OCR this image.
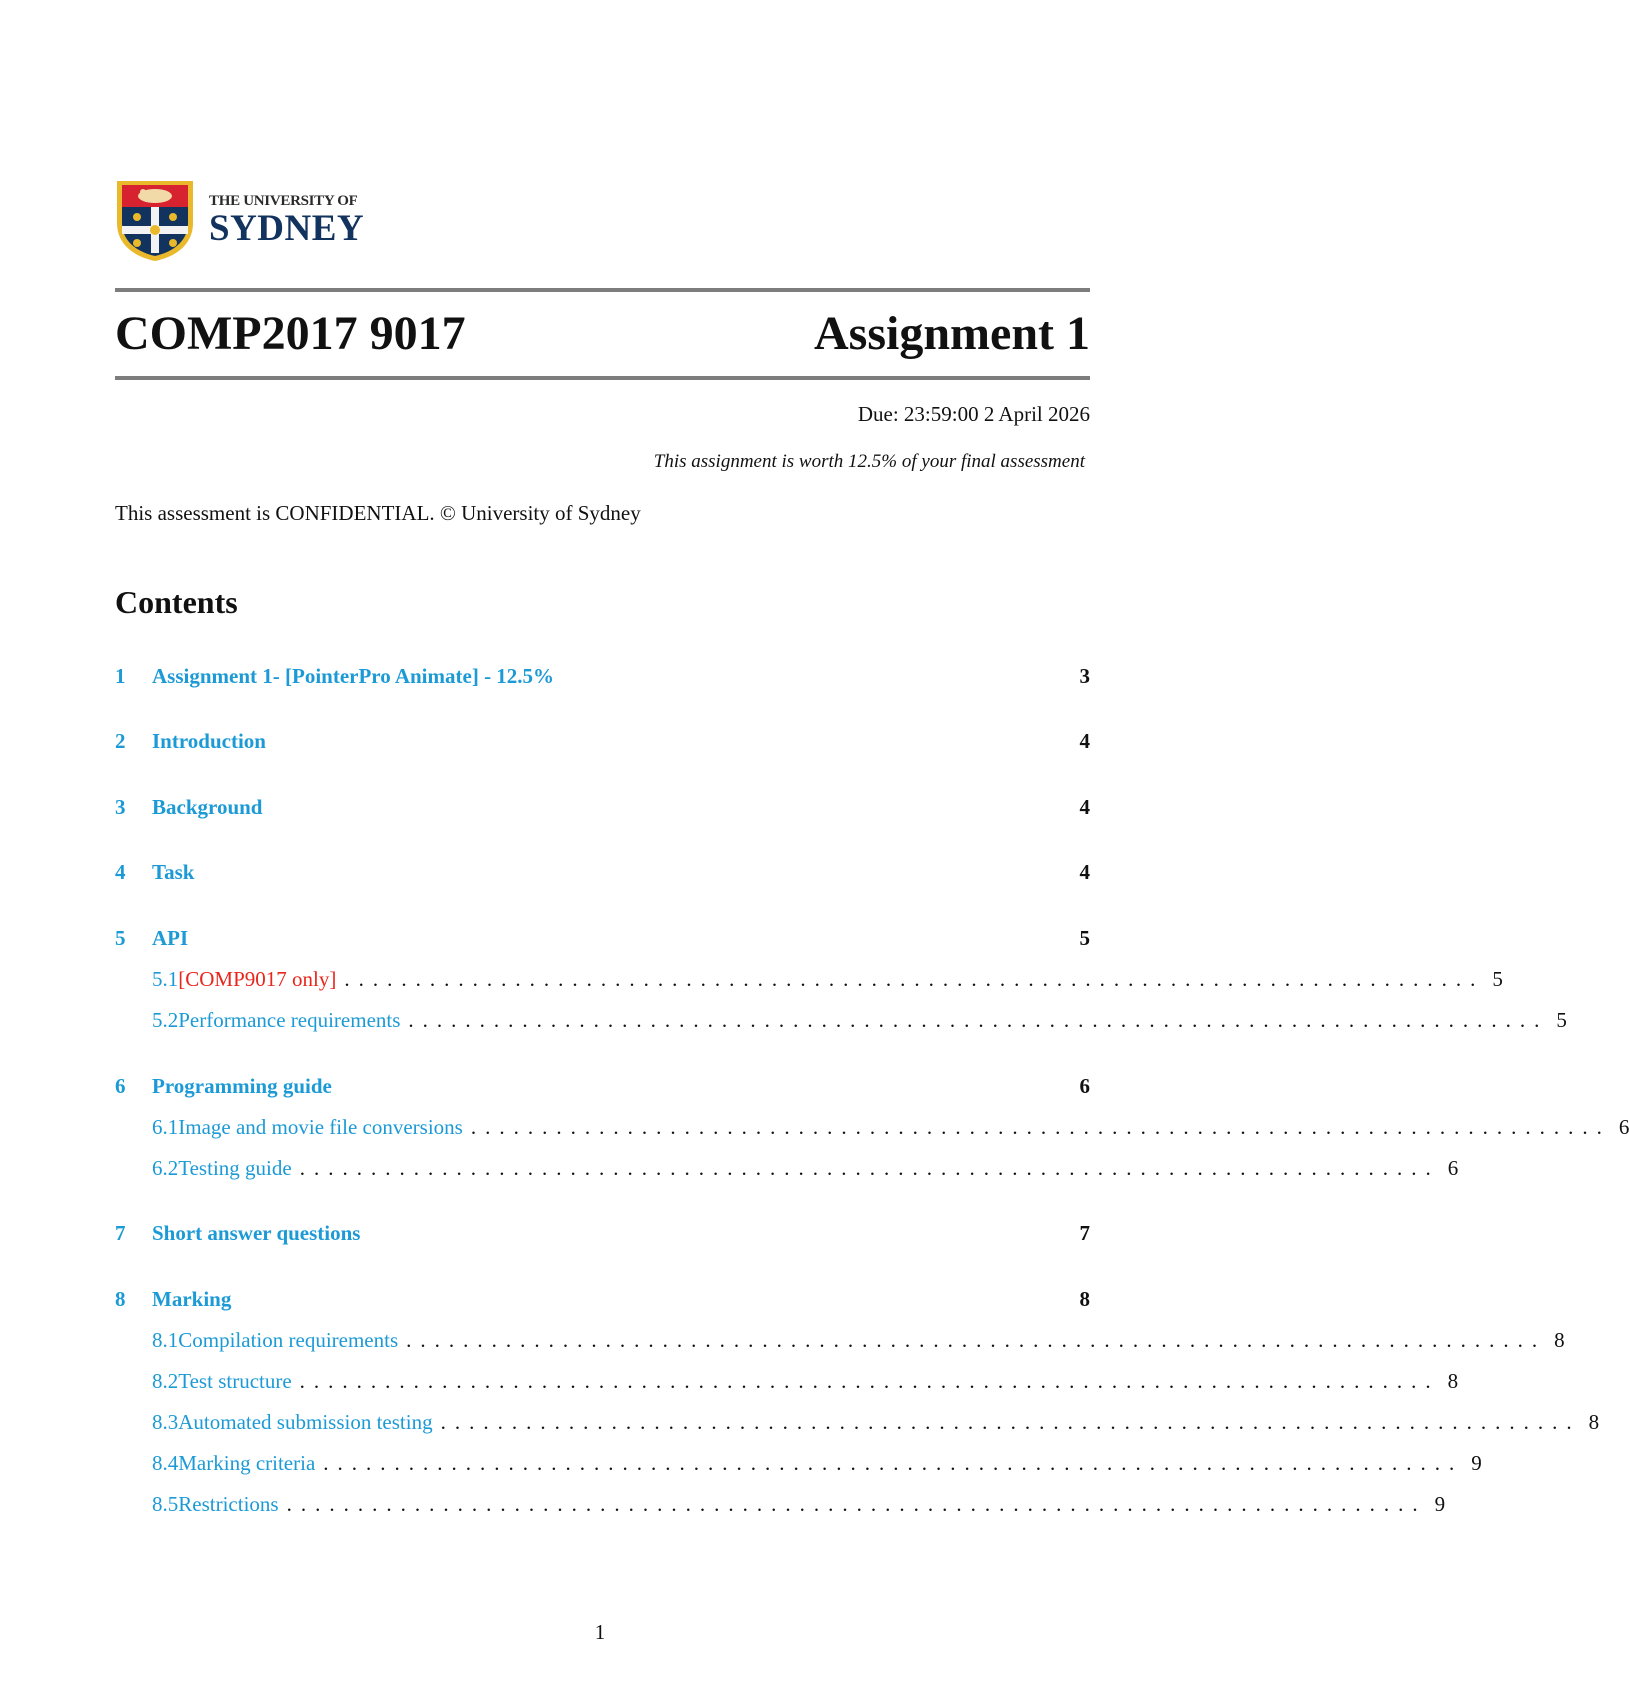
THE UNIVERSITY OF
SYDNEY
COMP2017 9017	Assignment 1
Due: 23:59:00 2 April 2026
This assignment is worth 12.5% of your final assessment
This assessment is CONFIDENTIAL. © University of Sydney
Contents
1	Assignment 1- [PointerPro Animate] - 12.5%	3
2	Introduction	4
3	Background	4
4	Task	4
5	API	5
5.1 [COMP9017 only] ................................................................................ 5
5.2 Performance requirements ................................................................................ 5
6	Programming guide	6
6.1 Image and movie file conversions ................................................................................ 6
6.2 Testing guide ................................................................................ 6
7	Short answer questions	7
8	Marking	8
8.1 Compilation requirements ................................................................................ 8
8.2 Test structure ................................................................................ 8
8.3 Automated submission testing ................................................................................ 8
8.4 Marking criteria ................................................................................ 9
8.5 Restrictions ................................................................................ 9
1
